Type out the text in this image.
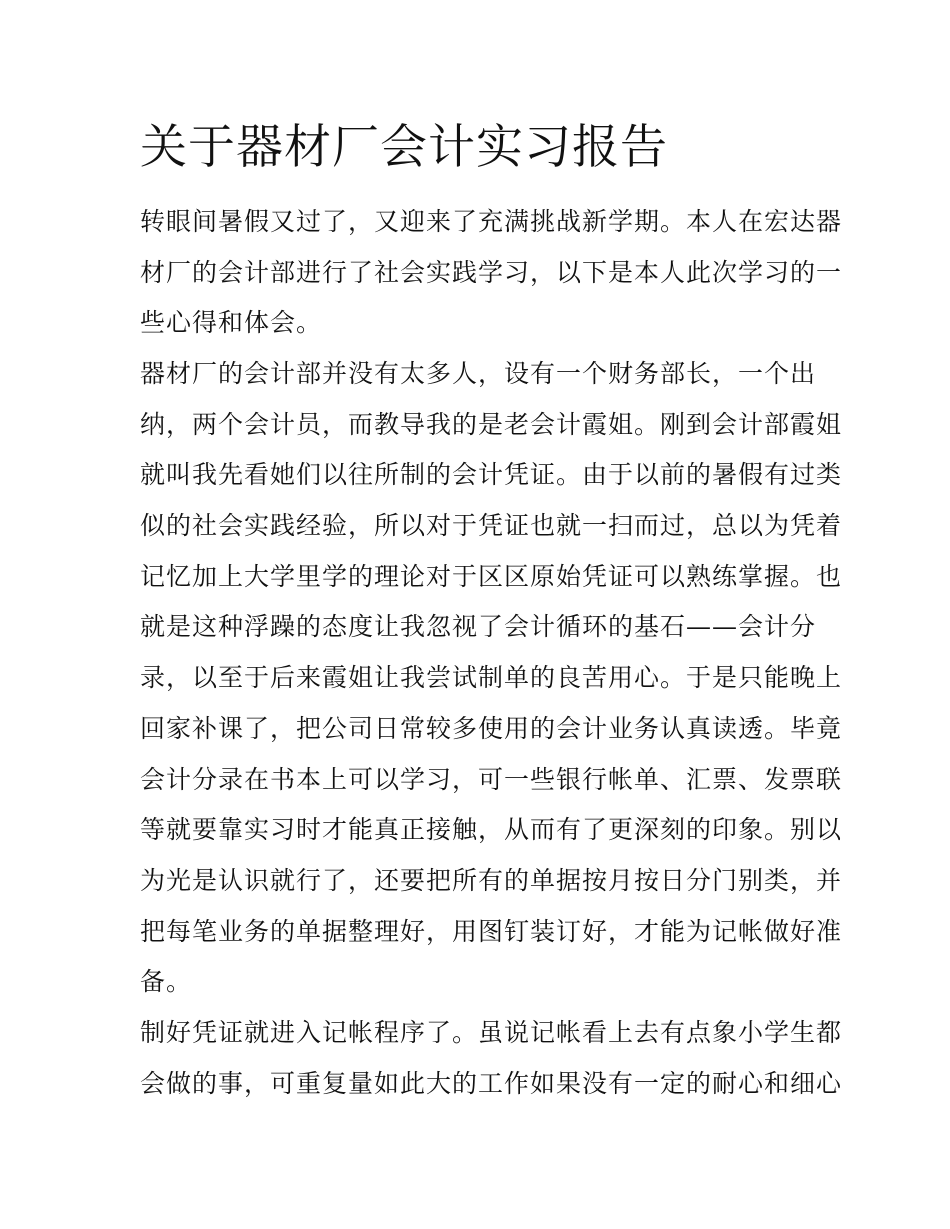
关于器材厂会计实习报告

转眼间暑假又过了，又迎来了充满挑战新学期。本人在宏达器

材厂的会计部进行了社会实践学习，以下是本人此次学习的一

些心得和体会。

器材厂的会计部并没有太多人，设有一个财务部长，一个出

纳，两个会计员，而教导我的是老会计霞姐。刚到会计部霞姐

就叫我先看她们以往所制的会计凭证。由于以前的暑假有过类

似的社会实践经验，所以对于凭证也就一扫而过，总以为凭着

记忆加上大学里学的理论对于区区原始凭证可以熟练掌握。也

就是这种浮躁的态度让我忽视了会计循环的基石——会计分

录，以至于后来霞姐让我尝试制单的良苦用心。于是只能晚上

回家补课了，把公司日常较多使用的会计业务认真读透。毕竟

会计分录在书本上可以学习，可一些银行帐单、汇票、发票联

等就要靠实习时才能真正接触，从而有了更深刻的印象。别以

为光是认识就行了，还要把所有的单据按月按日分门别类，并

把每笔业务的单据整理好，用图钉装订好，才能为记帐做好准

备。

制好凭证就进入记帐程序了。虽说记帐看上去有点象小学生都

会做的事，可重复量如此大的工作如果没有一定的耐心和细心
